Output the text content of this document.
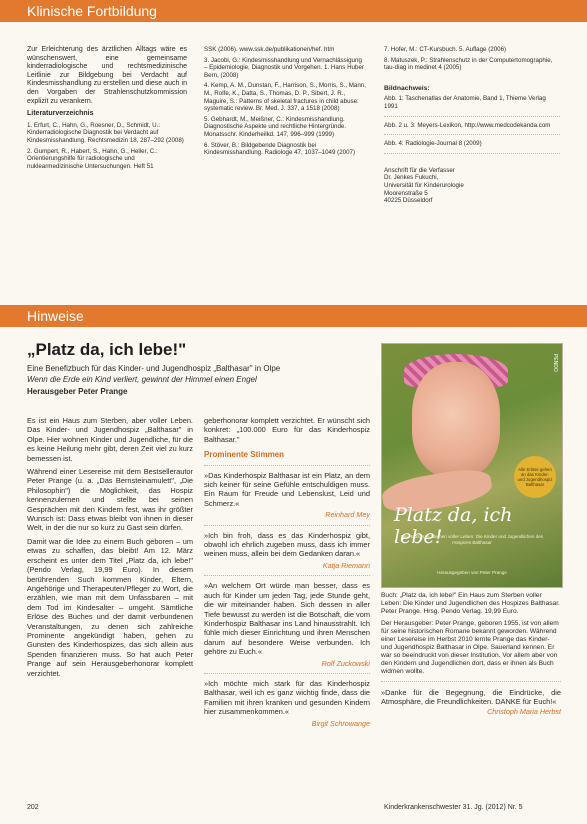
Klinische Fortbildung

Zur Erleichterung des ärztlichen Alltags wäre es wünschenswert, eine gemeinsame kinderradiologische und rechtsmedizinische Leitlinie zur Bildgebung bei Verdacht auf Kindesmisshandlung zu erstellen und diese auch in den Vorgaben der Strahlenschutzkommission explizit zu verankern.

Literaturverzeichnis

1. Erfurt, C., Hahn, G., Roesner, D., Schmidt, U.: Kinderradiologische Diagnostik bei Verdacht auf Kindesmisshandlung. Rechtsmedizin 18, 287–292 (2008)

2. Gumpert, R., Habert, S., Hahn, G., Heller, C.: Orientierungshilfe für radiologische und nuklearmedizinische Untersuchungen. Heft 51

SSK (2006). www.ssk.de/publikationen/hef. htm

3. Jacobi, G.: Kindesmisshandlung und Vernachlässigung – Epidemiologie, Diagnostik und Vorgehen. 1. Hans Huber Bern, (2008)

4. Kemp, A. M., Dunstan, F., Harrison, S., Morris, S., Mann, M., Rolfe, K., Datta, S., Thomas, D. P., Sibert, J. R., Maguire, S.: Patterns of skeletal fractures in child abuse: systematic review. Br. Med. J. 337, a 1518 (2008)

5. Gebhardt, M., Meißner, C.: Kindesmisshandlung. Diagnostische Aspekte und rechtliche Hintergründe. Monatsschr. Kinderheilkd. 147, 996–999 (1999)

6. Stöver, B.: Bildgebende Diagnostik bei Kindesmisshandlung. Radiologe 47, 1037–1049 (2007)

7. Hofer, M.: CT-Kursbuch. 5. Auflage (2006)

8. Matuszek, P.: Strahlenschutz in der Computertomographie, tau-diag in medinet 4 (2005)

Bildnachweis:

Abb. 1: Taschenatlas der Anatomie, Band 1, Thieme Verlag 1991

Abb. 2 u. 3: Meyers-Lexikon, http://www.medcodekanda.com

Abb. 4: Radiologie-Journal 8 (2009)

Anschrift für die Verfasser
Dr. Jenkes Fukuchi,
Universität für Kinderurologie
Moorenstraße 5
40225 Düsseldorf
Hinweise
„Platz da, ich lebe!"
Eine Benefizbuch für das Kinder- und Jugendhospiz „Balthasar" in Olpe
Wenn die Erde ein Kind verliert, gewinnt der Himmel einen Engel
Herausgeber Peter Prange

Es ist ein Haus zum Sterben, aber voller Leben. Das Kinder- und Jugendhospiz „Balthasar" in Olpe. Hier wohnen Kinder und Jugendliche, für die es keine Heilung mehr gibt, deren Zeit viel zu kurz bemessen ist.

Während einer Lesereise mit dem Bestsellerautor Peter Prange (u. a. „Das Bernsteinamulett", „Die Philosophin") die Möglichkeit, das Hospiz kennenzulernen und stellte bei seinen Gesprächen mit den Kindern fest, was ihr größter Wunsch ist: Dass etwas bleibt von ihnen in dieser Welt, in der die nur so kurz zu Gast sein dürfen.

Damit war die Idee zu einem Buch geboren – um etwas zu schaffen, das bleibt! Am 12. März erscheint es unter dem Titel „Platz da, ich lebe!" (Pendo Verlag, 19,99 Euro). In diesem berührenden Such kommen Kinder, Eltern, Angehörige und Therapeuten/Pfleger zu Wort, die erzählen, wie man mit dem Unfassbaren – mit dem Tod im Kindesalter – umgeht. Sämtliche Erlöse des Buches und der damit verbundenen Veranstaltungen, zu denen sich zahlreiche Prominente angekündigt haben, gehen zu Gunsten des Kinderhospizes, das sich allein aus Spenden finanzieren muss. So hat auch Peter Prange auf sein Herausgeberhonorar komplett verzichtet.

geberhonorar komplett verzichtet. Er wünscht sich konkret: „100.000 Euro für das Kinderhospiz Balthasar."

Prominente Stimmen

»Das Kinderhospiz Balthasar ist ein Platz, an dem sich keiner für seine Gefühle entschuldigen muss. Ein Raum für Freude und Lebenslust, Leid und Schmerz.«

Reinhard Mey

»Ich bin froh, dass es das Kinderhospiz gibt, obwohl ich ehrlich zugeben muss, dass ich immer weinen muss, allein bei dem Gedanken daran.«

Katja Riemann

»An welchem Ort würde man besser, dass es auch für Kinder um jeden Tag, jede Stunde geht, die wir miteinander haben. Sich dessen in aller Tiefe bewusst zu werden ist die Botschaft, die vom Kinderhospiz Balthasar ins Land hinausstrahlt. Ich fühle mich dieser Einrichtung und ihren Menschen darum auf besondere Weise verbunden. Ich gehöre zu Euch.«

Rolf Zuckowski

»Ich möchte mich stark für das Kinderhospiz Balthasar, weil ich es ganz wichtig finde, dass die Familien mit ihren kranken und gesunden Kindern hier zusammenkommen.«

Birgit Schrowange

PENDO
Alle Erlöse gehen an das Kinder- und Jugendhospiz Balthasar
Platz da, ich lebe!
Ein Haus zum Sterben voller Leben: Die Kinder und Jugendlichen des Hospizes Balthasar
Herausgegeben von Peter Prange

Buch: „Platz da, ich lebe!" Ein Haus zum Sterben voller Leben: Die Kinder und Jugendlichen des Hospizes Balthasar. Peter Prange. Hrsg. Pendo Verlag. 19,99 Euro.

Der Herausgeber: Peter Prange, geboren 1955, ist von allem für seine historischen Romane bekannt geworden. Während einer Lesereise im Herbst 2010 lernte Prange das Kinder- und Jugendhospiz Balthasar in Olpe. Sauerland kennen. Er war so beeindruckt von dieser Institution. Vor allem aber von den Kindern und Jugendlichen dort, dass er ihnen als Buch widmen wollte.

»Danke für die Begegnung, die Eindrücke, die Atmosphäre, die Freundlichkeiten. DANKE für Euch!«

Christoph Maria Herbst

202	Kinderkrankenschwester 31. Jg. (2012) Nr. 5
